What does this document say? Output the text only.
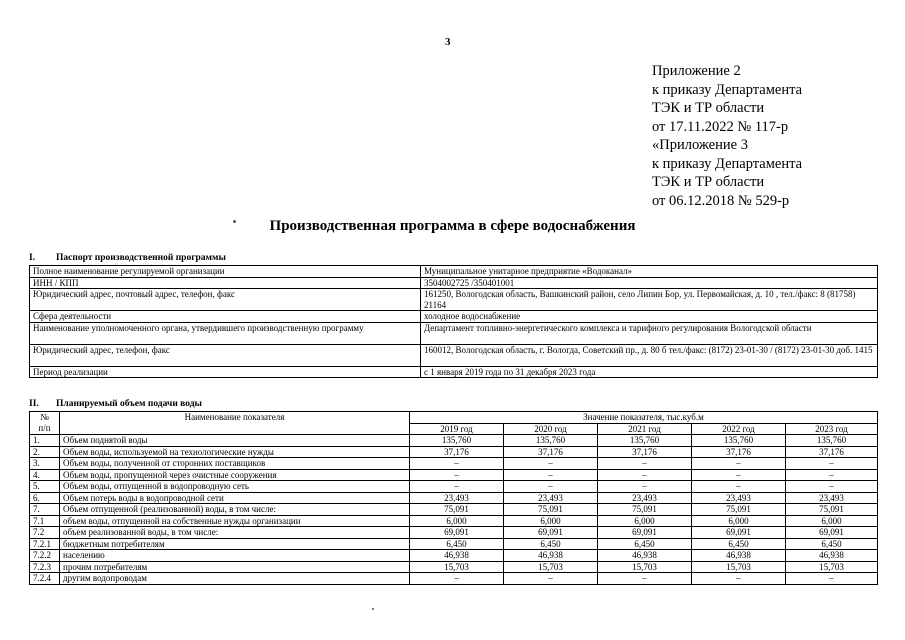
3
Приложение 2
к приказу Департамента
ТЭК и ТР области
от 17.11.2022 № 117-р
«Приложение 3
к приказу Департамента
ТЭК и ТР области
от 06.12.2018 № 529-р
Производственная программа в сфере водоснабжения
I. Паспорт производственной программы
Полное наименование регулируемой организации	Муниципальное унитарное предприятие «Водоканал»
ИНН / КПП	3504002725 /350401001
Юридический адрес, почтовый адрес, телефон, факс	161250, Вологодская область, Вашкинский район, село Липин Бор, ул. Первомайская, д. 10 , тел./факс: 8 (81758) 21164
Сфера деятельности	холодное водоснабжение
Наименование уполномоченного органа, утвердившего производственную программу	Департамент топливно-энергетического комплекса и тарифного регулирования Вологодской области
Юридический адрес, телефон, факс	160012, Вологодская область, г. Вологда, Советский пр., д. 80 б тел./факс: (8172) 23-01-30 / (8172) 23-01-30 доб. 1415
Период реализации	с 1 января 2019 года по 31 декабря 2023 года
II. Планируемый объем подачи воды
№
п/п	Наименование показателя	Значение показателя, тыс.куб.м				
		2019 год	2020 год	2021 год	2022 год	2023 год
1.	Объем поднятой воды	135,760	135,760	135,760	135,760	135,760
2.	Объем воды, используемой на технологические нужды	37,176	37,176	37,176	37,176	37,176
3.	Объем воды, полученной от сторонних поставщиков	–	–	–	–	–
4.	Объем воды, пропущенной через очистные сооружения	–	–	–	–	–
5.	Объем воды, отпущенной в водопроводную сеть	–	–	–	–	–
6.	Объем потерь воды в водопроводной сети	23,493	23,493	23,493	23,493	23,493
7.	Объем отпущенной (реализованной) воды, в том числе:	75,091	75,091	75,091	75,091	75,091
7.1	объем воды, отпущенной на собственные нужды организации	6,000	6,000	6,000	6,000	6,000
7.2	объем реализованной воды, в том числе:	69,091	69,091	69,091	69,091	69,091
7.2.1	бюджетным потребителям	6,450	6,450	6,450	6,450	6,450
7.2.2	населению	46,938	46,938	46,938	46,938	46,938
7.2.3	прочим потребителям	15,703	15,703	15,703	15,703	15,703
7.2.4	другим водопроводам	–	–	–	–	–
